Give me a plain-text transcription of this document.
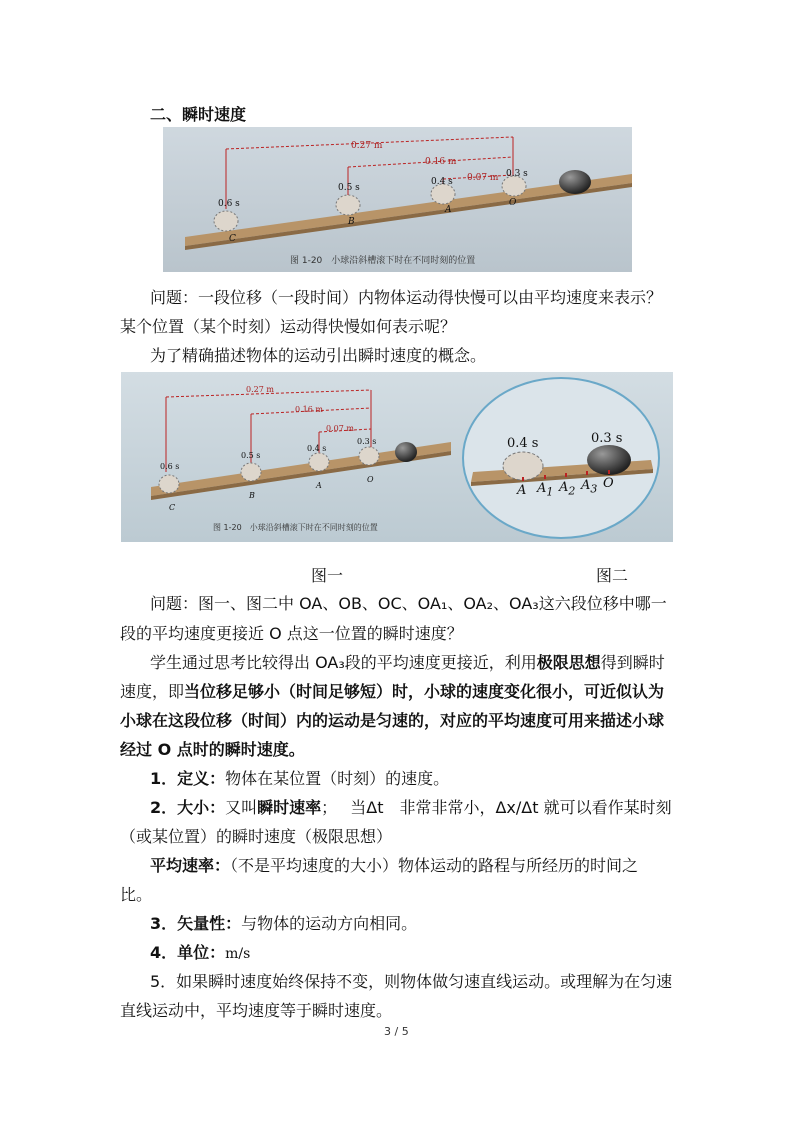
二、瞬时速度
0.27 m
0.16 m
0.07 m
0.6 s
0.5 s
0.4 s
0.3 s
C
B
A
O
图 1-20　小球沿斜槽滚下时在不同时刻的位置
问题：一段位移（一段时间）内物体运动得快慢可以由平均速度来表示？
某个位置（某个时刻）运动得快慢如何表示呢？
为了精确描述物体的运动引出瞬时速度的概念。
0.27 m
0.16 m
0.07 m
0.6 s
0.5 s
0.4 s
0.3 s
C
B
A
O
图 1-20　小球沿斜槽滚下时在不同时刻的位置
0.4 s	0.3 s
A $A_1$ $A_2$ $A_3$ O
图一	图二
问题：图一、图二中 OA、OB、OC、OA₁、OA₂、OA₃这六段位移中哪一
段的平均速度更接近 O 点这一位置的瞬时速度？
学生通过思考比较得出 OA₃段的平均速度更接近，利用极限思想得到瞬时
速度，即当位移足够小（时间足够短）时，小球的速度变化很小，可近似认为
小球在这段位移（时间）内的运动是匀速的，对应的平均速度可用来描述小球
经过 O 点时的瞬时速度。
1．定义：物体在某位置（时刻）的速度。
2．大小：又叫瞬时速率；　 当Δt　非常非常小，Δx/Δt 就可以看作某时刻
（或某位置）的瞬时速度（极限思想）
平均速率：（不是平均速度的大小）物体运动的路程与所经历的时间之
比。
3．矢量性：与物体的运动方向相同。
4．单位：m/s
5．如果瞬时速度始终保持不变，则物体做匀速直线运动。或理解为在匀速
直线运动中，平均速度等于瞬时速度。
3 / 5
